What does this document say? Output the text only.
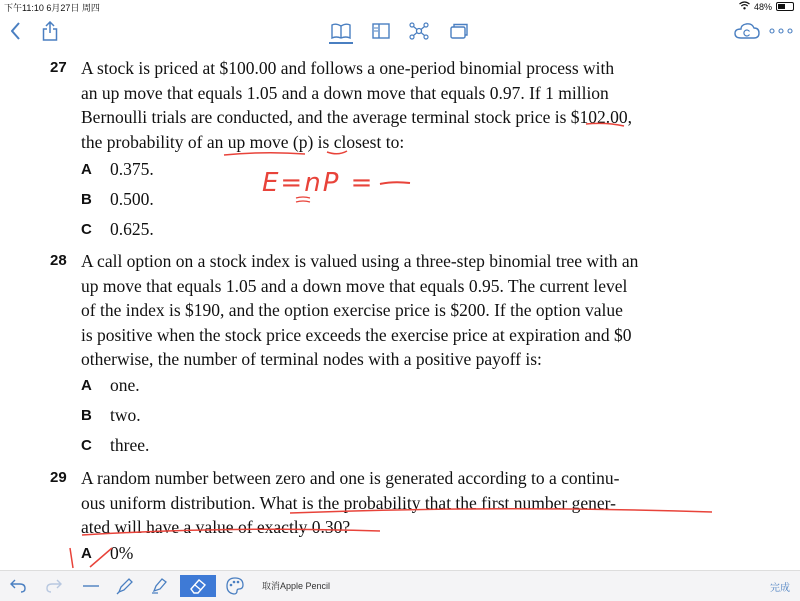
下午11:10 6月27日 周四	48%
27 A stock is priced at $100.00 and follows a one-period binomial process with
an up move that equals 1.05 and a down move that equals 0.97. If 1 million
Bernoulli trials are conducted, and the average terminal stock price is $102.00,
the probability of an up move (p) is closest to:
A 0.375.
B 0.500.
C 0.625.
E=nP =
28 A call option on a stock index is valued using a three-step binomial tree with an
up move that equals 1.05 and a down move that equals 0.95. The current level
of the index is $190, and the option exercise price is $200. If the option value
is positive when the stock price exceeds the exercise price at expiration and $0
otherwise, the number of terminal nodes with a positive payoff is:
A one.
B two.
C three.
29 A random number between zero and one is generated according to a continu-
ous uniform distribution. What is the probability that the first number gener-
ated will have a value of exactly 0.30?
A 0%
取消Apple Pencil	完成
